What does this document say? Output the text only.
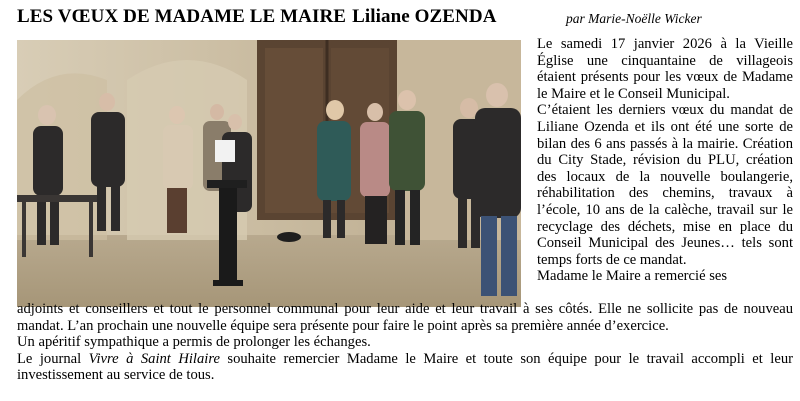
LES VŒUX DE MADAME LE MAIRE Liliane OZENDA	par Marie-Noëlle Wicker

Le samedi 17 janvier 2026 à la Vieille Église une cinquantaine de villageois étaient présents pour les vœux de Madame le Maire et le Conseil Municipal.

C’étaient les derniers vœux du mandat de Liliane Ozenda et ils ont été une sorte de bilan des 6 ans passés à la mairie. Création du City Stade, révision du PLU, création des locaux de la nouvelle boulangerie, réhabilitation des chemins, travaux à l’école, 10 ans de la calèche, travail sur le recyclage des déchets, mise en place du Conseil Municipal des Jeunes… tels sont temps forts de ce mandat.

Madame le Maire a remercié ses

adjoints et conseillers et tout le personnel communal pour leur aide et leur travail à ses côtés. Elle ne sollicite pas de nouveau mandat. L’an prochain une nouvelle équipe sera présente pour faire le point après sa première année d’exercice.

Un apéritif sympathique a permis de prolonger les échanges.

Le journal Vivre à Saint Hilaire souhaite remercier Madame le Maire et toute son équipe pour le travail accompli et leur investissement au service de tous.
